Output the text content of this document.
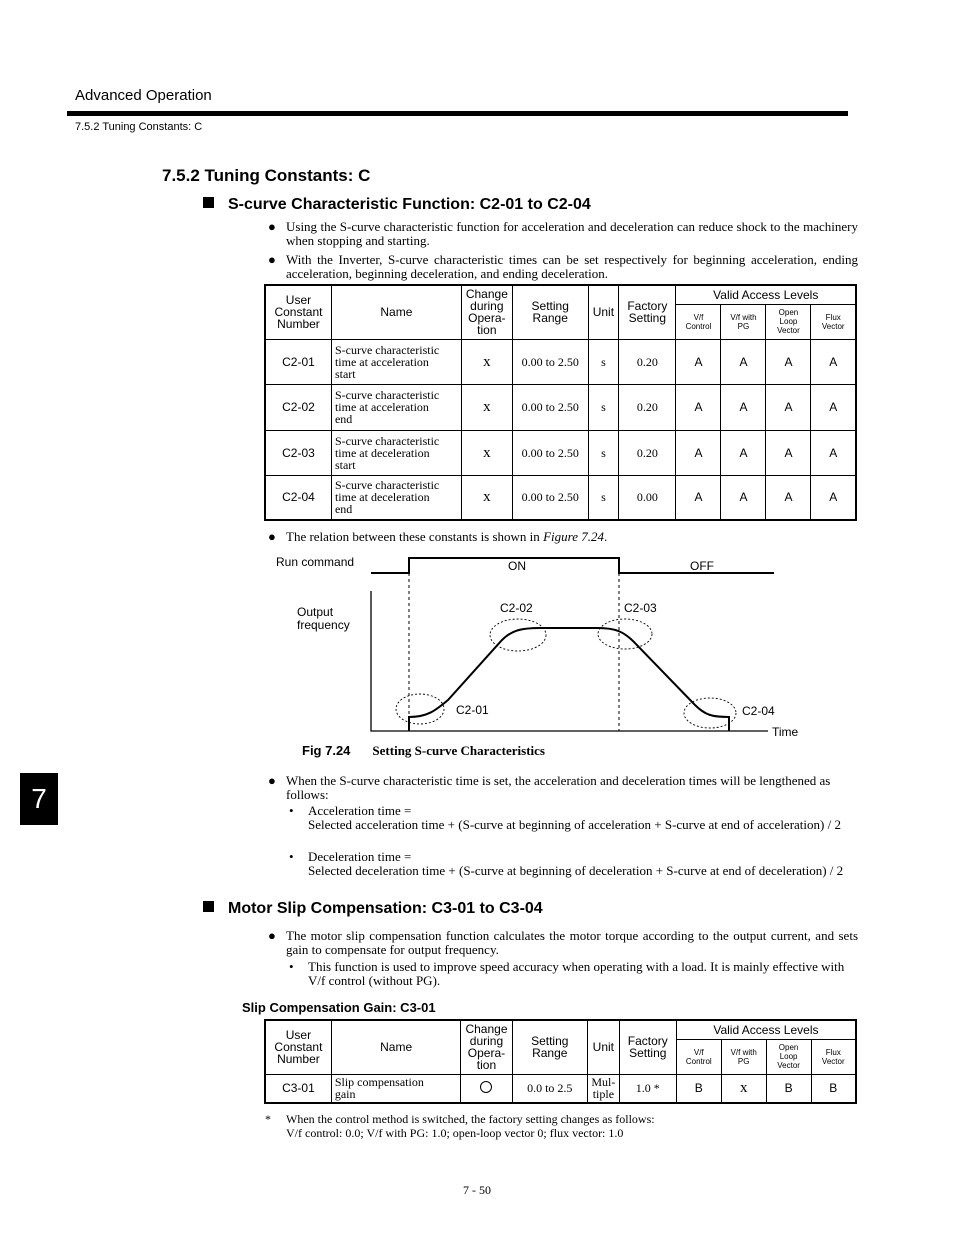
Advanced Operation
7.5.2 Tuning Constants: C
7.5.2 Tuning Constants: C
S-curve Characteristic Function: C2-01 to C2-04
● Using the S-curve characteristic function for acceleration and deceleration can reduce shock to the machinery when stopping and starting.
● With the Inverter, S-curve characteristic times can be set respectively for beginning acceleration, ending acceleration, beginning deceleration, and ending deceleration.
User
Constant
Number	Name	Change
during
Opera-
tion	Setting
Range	Unit	Factory
Setting	Valid Access Levels			
						V/f
Control	V/f with
PG	Open
Loop
Vector	Flux
Vector
C2-01	S-curve characteristic
time at acceleration
start	x	0.00 to 2.50	s	0.20	A	A	A	A
C2-02	S-curve characteristic
time at acceleration
end	x	0.00 to 2.50	s	0.20	A	A	A	A
C2-03	S-curve characteristic
time at deceleration
start	x	0.00 to 2.50	s	0.20	A	A	A	A
C2-04	S-curve characteristic
time at deceleration
end	x	0.00 to 2.50	s	0.00	A	A	A	A
● The relation between these constants is shown in Figure 7.24.
Run command	ON	OFF
Output
frequency
C2-02	C2-03
C2-01	C2-04
Time
Fig 7.24 Setting S-curve Characteristics
7
● When the S-curve characteristic time is set, the acceleration and deceleration times will be lengthened as follows:
• Acceleration time =
Selected acceleration time + (S-curve at beginning of acceleration + S-curve at end of acceleration) / 2
• Deceleration time =
Selected deceleration time + (S-curve at beginning of deceleration + S-curve at end of deceleration) / 2
Motor Slip Compensation: C3-01 to C3-04
● The motor slip compensation function calculates the motor torque according to the output current, and sets gain to compensate for output frequency.
• This function is used to improve speed accuracy when operating with a load. It is mainly effective with V/f control (without PG).
Slip Compensation Gain: C3-01
User
Constant
Number	Name	Change
during
Opera-
tion	Setting
Range	Unit	Factory
Setting	Valid Access Levels			
						V/f
Control	V/f with
PG	Open
Loop
Vector	Flux
Vector
C3-01	Slip compensation
gain		0.0 to 2.5	Mul-
tiple	1.0 *	B	x	B	B
* When the control method is switched, the factory setting changes as follows:
V/f control: 0.0; V/f with PG: 1.0; open-loop vector 0; flux vector: 1.0
7 - 50
